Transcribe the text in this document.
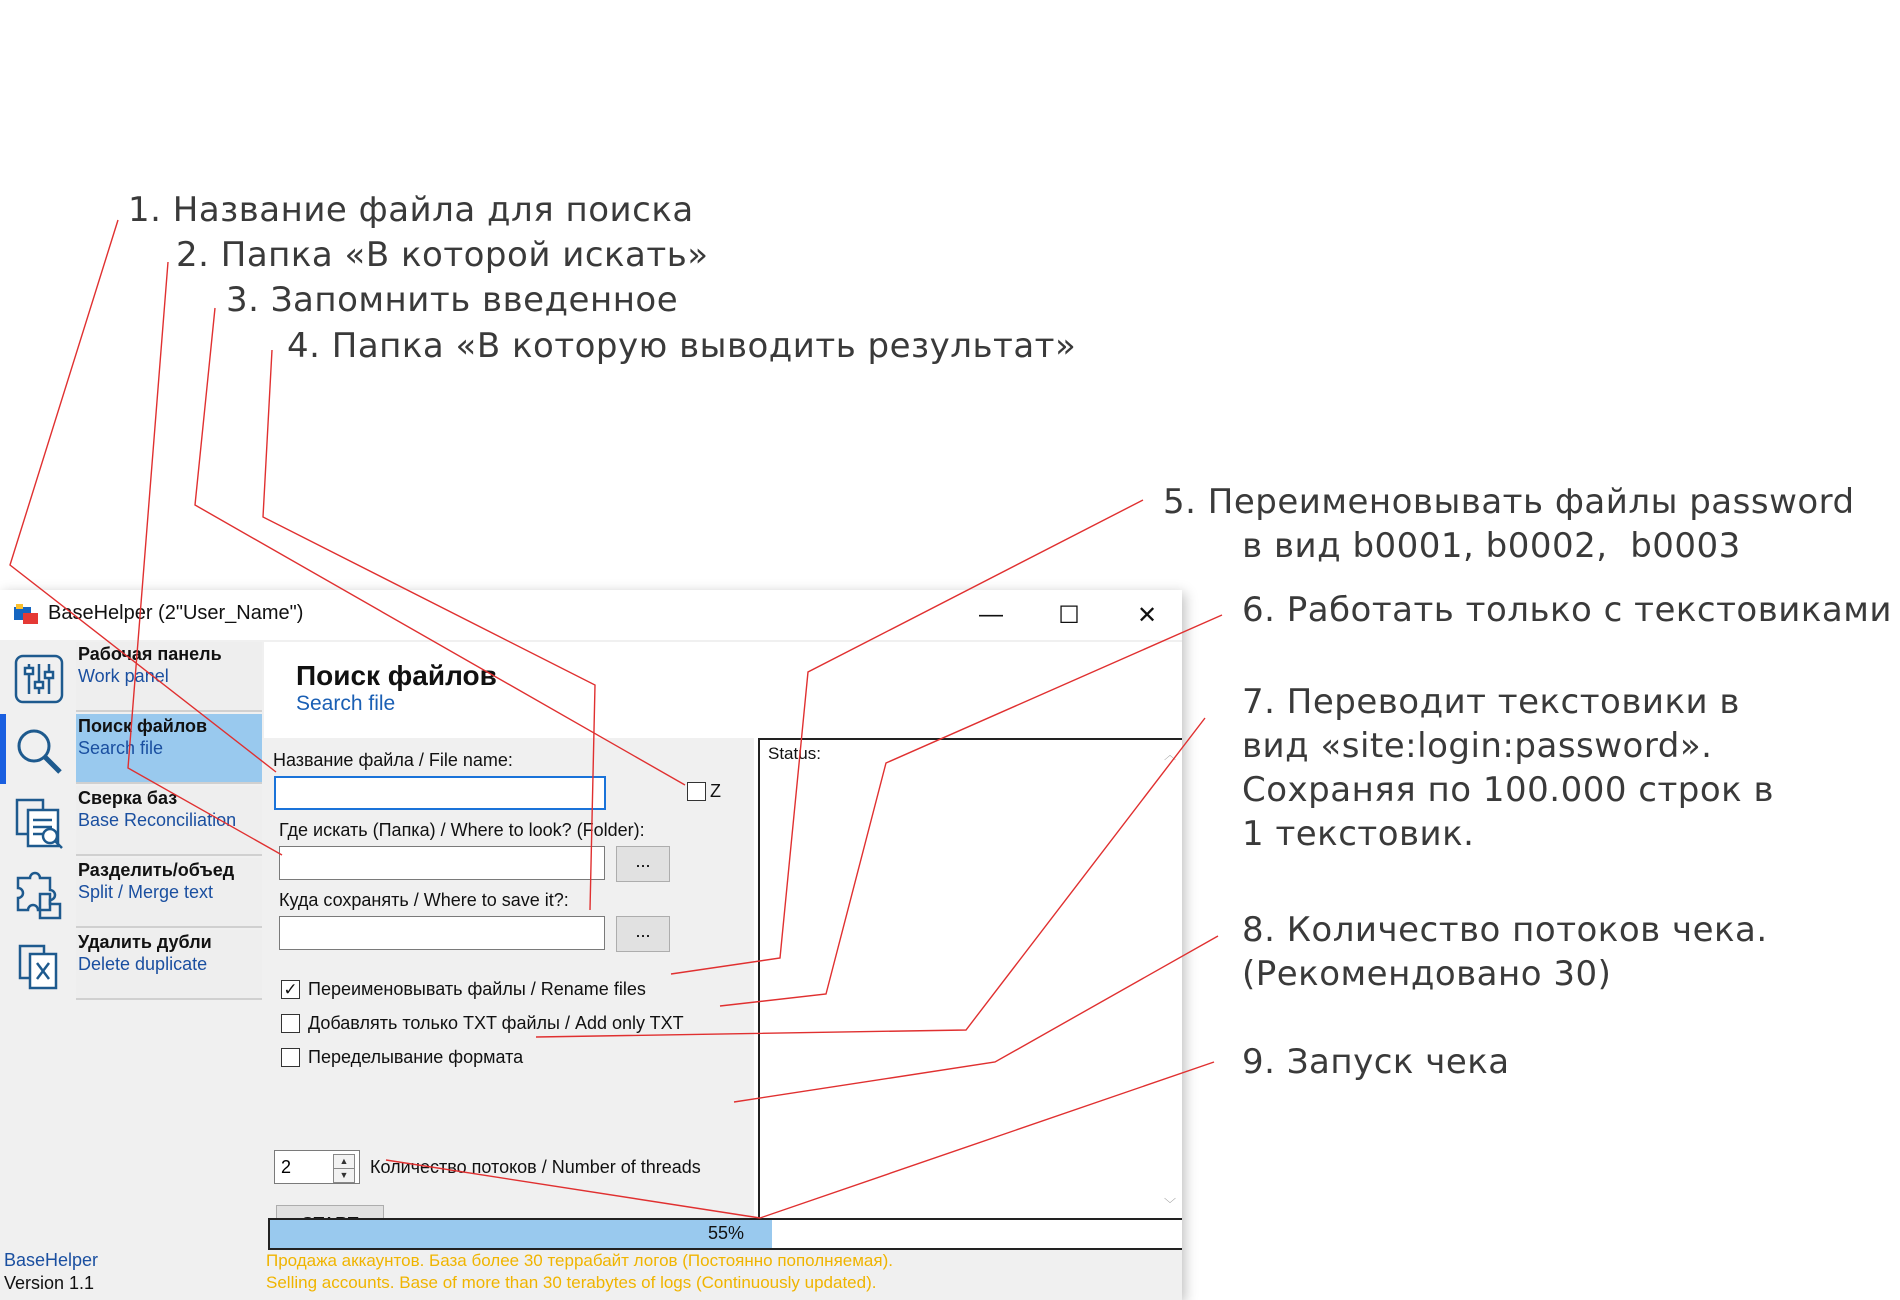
1. Название файла для поиска
2. Папка «В которой искать»
3. Запомнить введенное
4. Папка «В которую выводить результат»
5. Переименовывать файлы password
в вид b0001, b0002,  b0003
6. Работать только с текстовиками
7. Переводит текстовики в
вид «site:login:password».
Сохраняя по 100.000 строк в
1 текстовик.
8. Количество потоков чека.
(Рекомендовано 30)
9. Запуск чека
BaseHelper (2"User_Name")	—	☐	✕
Рабочая панель
Work panel
Поиск файлов
Search file
Сверка баз
Base Reconciliation
Разделить/объед
Split / Merge text
Удалить дубли
Delete duplicate
BaseHelper
Version 1.1
Поиск файлов
Search file
Название файла / File name:
Z
Где искать (Папка) / Where to look? (Folder):
...
Куда сохранять / Where to save it?:
...
✓ Переименовывать файлы / Rename files
Добавлять только TXT файлы / Add only TXT
Переделывание формата
2	▲
▼	Количество потоков / Number of threads
Status:	︿
﹀
55%
Продажа аккаунтов. База более 30 террабайт логов (Постоянно пополняемая).
Selling accounts. Base of more than 30 terabytes of logs (Continuously updated).
